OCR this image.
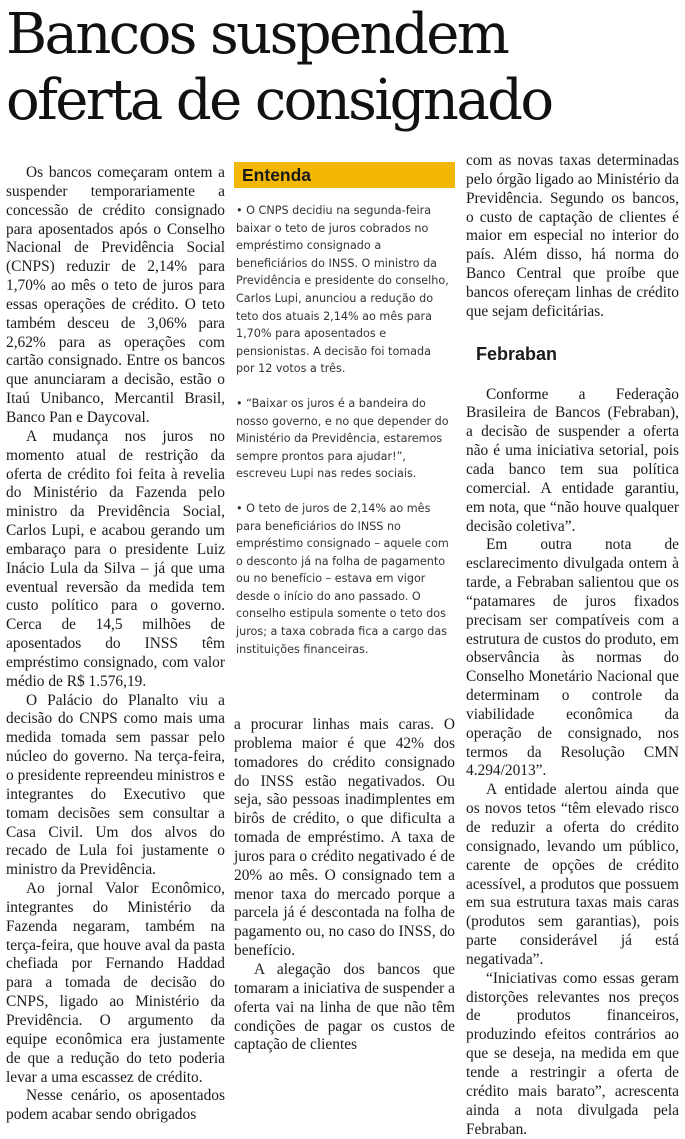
Bancos suspendem
oferta de consignado

Os bancos começaram ontem a suspender temporariamente a concessão de crédito consignado para aposentados após o Conselho Nacional de Previdência Social (CNPS) reduzir de 2,14% para 1,70% ao mês o teto de juros para essas operações de crédito. O teto também desceu de 3,06% para 2,62% para as operações com cartão consignado. Entre os bancos que anunciaram a decisão, estão o Itaú Unibanco, Mercantil Brasil, Banco Pan e Daycoval.

A mudança nos juros no momento atual de restrição da oferta de crédito foi feita à revelia do Ministério da Fazenda pelo ministro da Previdência Social, Carlos Lupi, e acabou gerando um embaraço para o presidente Luiz Inácio Lula da Silva – já que uma eventual reversão da medida tem custo político para o governo. Cerca de 14,5 milhões de aposentados do INSS têm empréstimo consignado, com valor médio de R$ 1.576,19.

O Palácio do Planalto viu a decisão do CNPS como mais uma medida tomada sem passar pelo núcleo do governo. Na terça-feira, o presidente repreendeu ministros e integrantes do Executivo que tomam decisões sem consultar a Casa Civil. Um dos alvos do recado de Lula foi justamente o ministro da Previdência.

Ao jornal Valor Econômico, integrantes do Ministério da Fazenda negaram, também na terça-feira, que houve aval da pasta chefiada por Fernando Haddad para a tomada de decisão do CNPS, ligado ao Ministério da Previdência. O argumento da equipe econômica era justamente de que a redução do teto poderia levar a uma escassez de crédito.

Nesse cenário, os aposentados podem acabar sendo obrigados

Entenda

• O CNPS decidiu na segunda-feira baixar o teto de juros cobrados no empréstimo consignado a beneficiários do INSS. O ministro da Previdência e presidente do conselho, Carlos Lupi, anunciou a redução do teto dos atuais 2,14% ao mês para 1,70% para aposentados e pensionistas. A decisão foi tomada por 12 votos a três.

• “Baixar os juros é a bandeira do nosso governo, e no que depender do Ministério da Previdência, estaremos sempre prontos para ajudar!”, escreveu Lupi nas redes sociais.

• O teto de juros de 2,14% ao mês para beneficiários do INSS no empréstimo consignado – aquele com o desconto já na folha de pagamento ou no benefício – estava em vigor desde o início do ano passado. O conselho estipula somente o teto dos juros; a taxa cobrada fica a cargo das instituições financeiras.

a procurar linhas mais caras. O problema maior é que 42% dos tomadores do crédito consignado do INSS estão negativados. Ou seja, são pessoas inadimplentes em birôs de crédito, o que dificulta a tomada de empréstimo. A taxa de juros para o crédito negativado é de 20% ao mês. O consignado tem a menor taxa do mercado porque a parcela já é descontada na folha de pagamento ou, no caso do INSS, do benefício.

A alegação dos bancos que tomaram a iniciativa de suspender a oferta vai na linha de que não têm condições de pagar os custos de captação de clientes

com as novas taxas determinadas pelo órgão ligado ao Ministério da Previdência. Segundo os bancos, o custo de captação de clientes é maior em especial no interior do país. Além disso, há norma do Banco Central que proíbe que bancos ofereçam linhas de crédito que sejam deficitárias.

Febraban

Conforme a Federação Brasileira de Bancos (Febraban), a decisão de suspender a oferta não é uma iniciativa setorial, pois cada banco tem sua política comercial. A entidade garantiu, em nota, que “não houve qualquer decisão coletiva”.

Em outra nota de esclarecimento divulgada ontem à tarde, a Febraban salientou que os “patamares de juros fixados precisam ser compatíveis com a estrutura de custos do produto, em observância às normas do Conselho Monetário Nacional que determinam o controle da viabilidade econômica da operação de consignado, nos termos da Resolução CMN 4.294/2013”.

A entidade alertou ainda que os novos tetos “têm elevado risco de reduzir a oferta do crédito consignado, levando um público, carente de opções de crédito acessível, a produtos que possuem em sua estrutura taxas mais caras (produtos sem garantias), pois parte considerável já está negativada”.

“Iniciativas como essas geram distorções relevantes nos preços de produtos financeiros, produzindo efeitos contrários ao que se deseja, na medida em que tende a restringir a oferta de crédito mais barato”, acrescenta ainda a nota divulgada pela Febraban.
